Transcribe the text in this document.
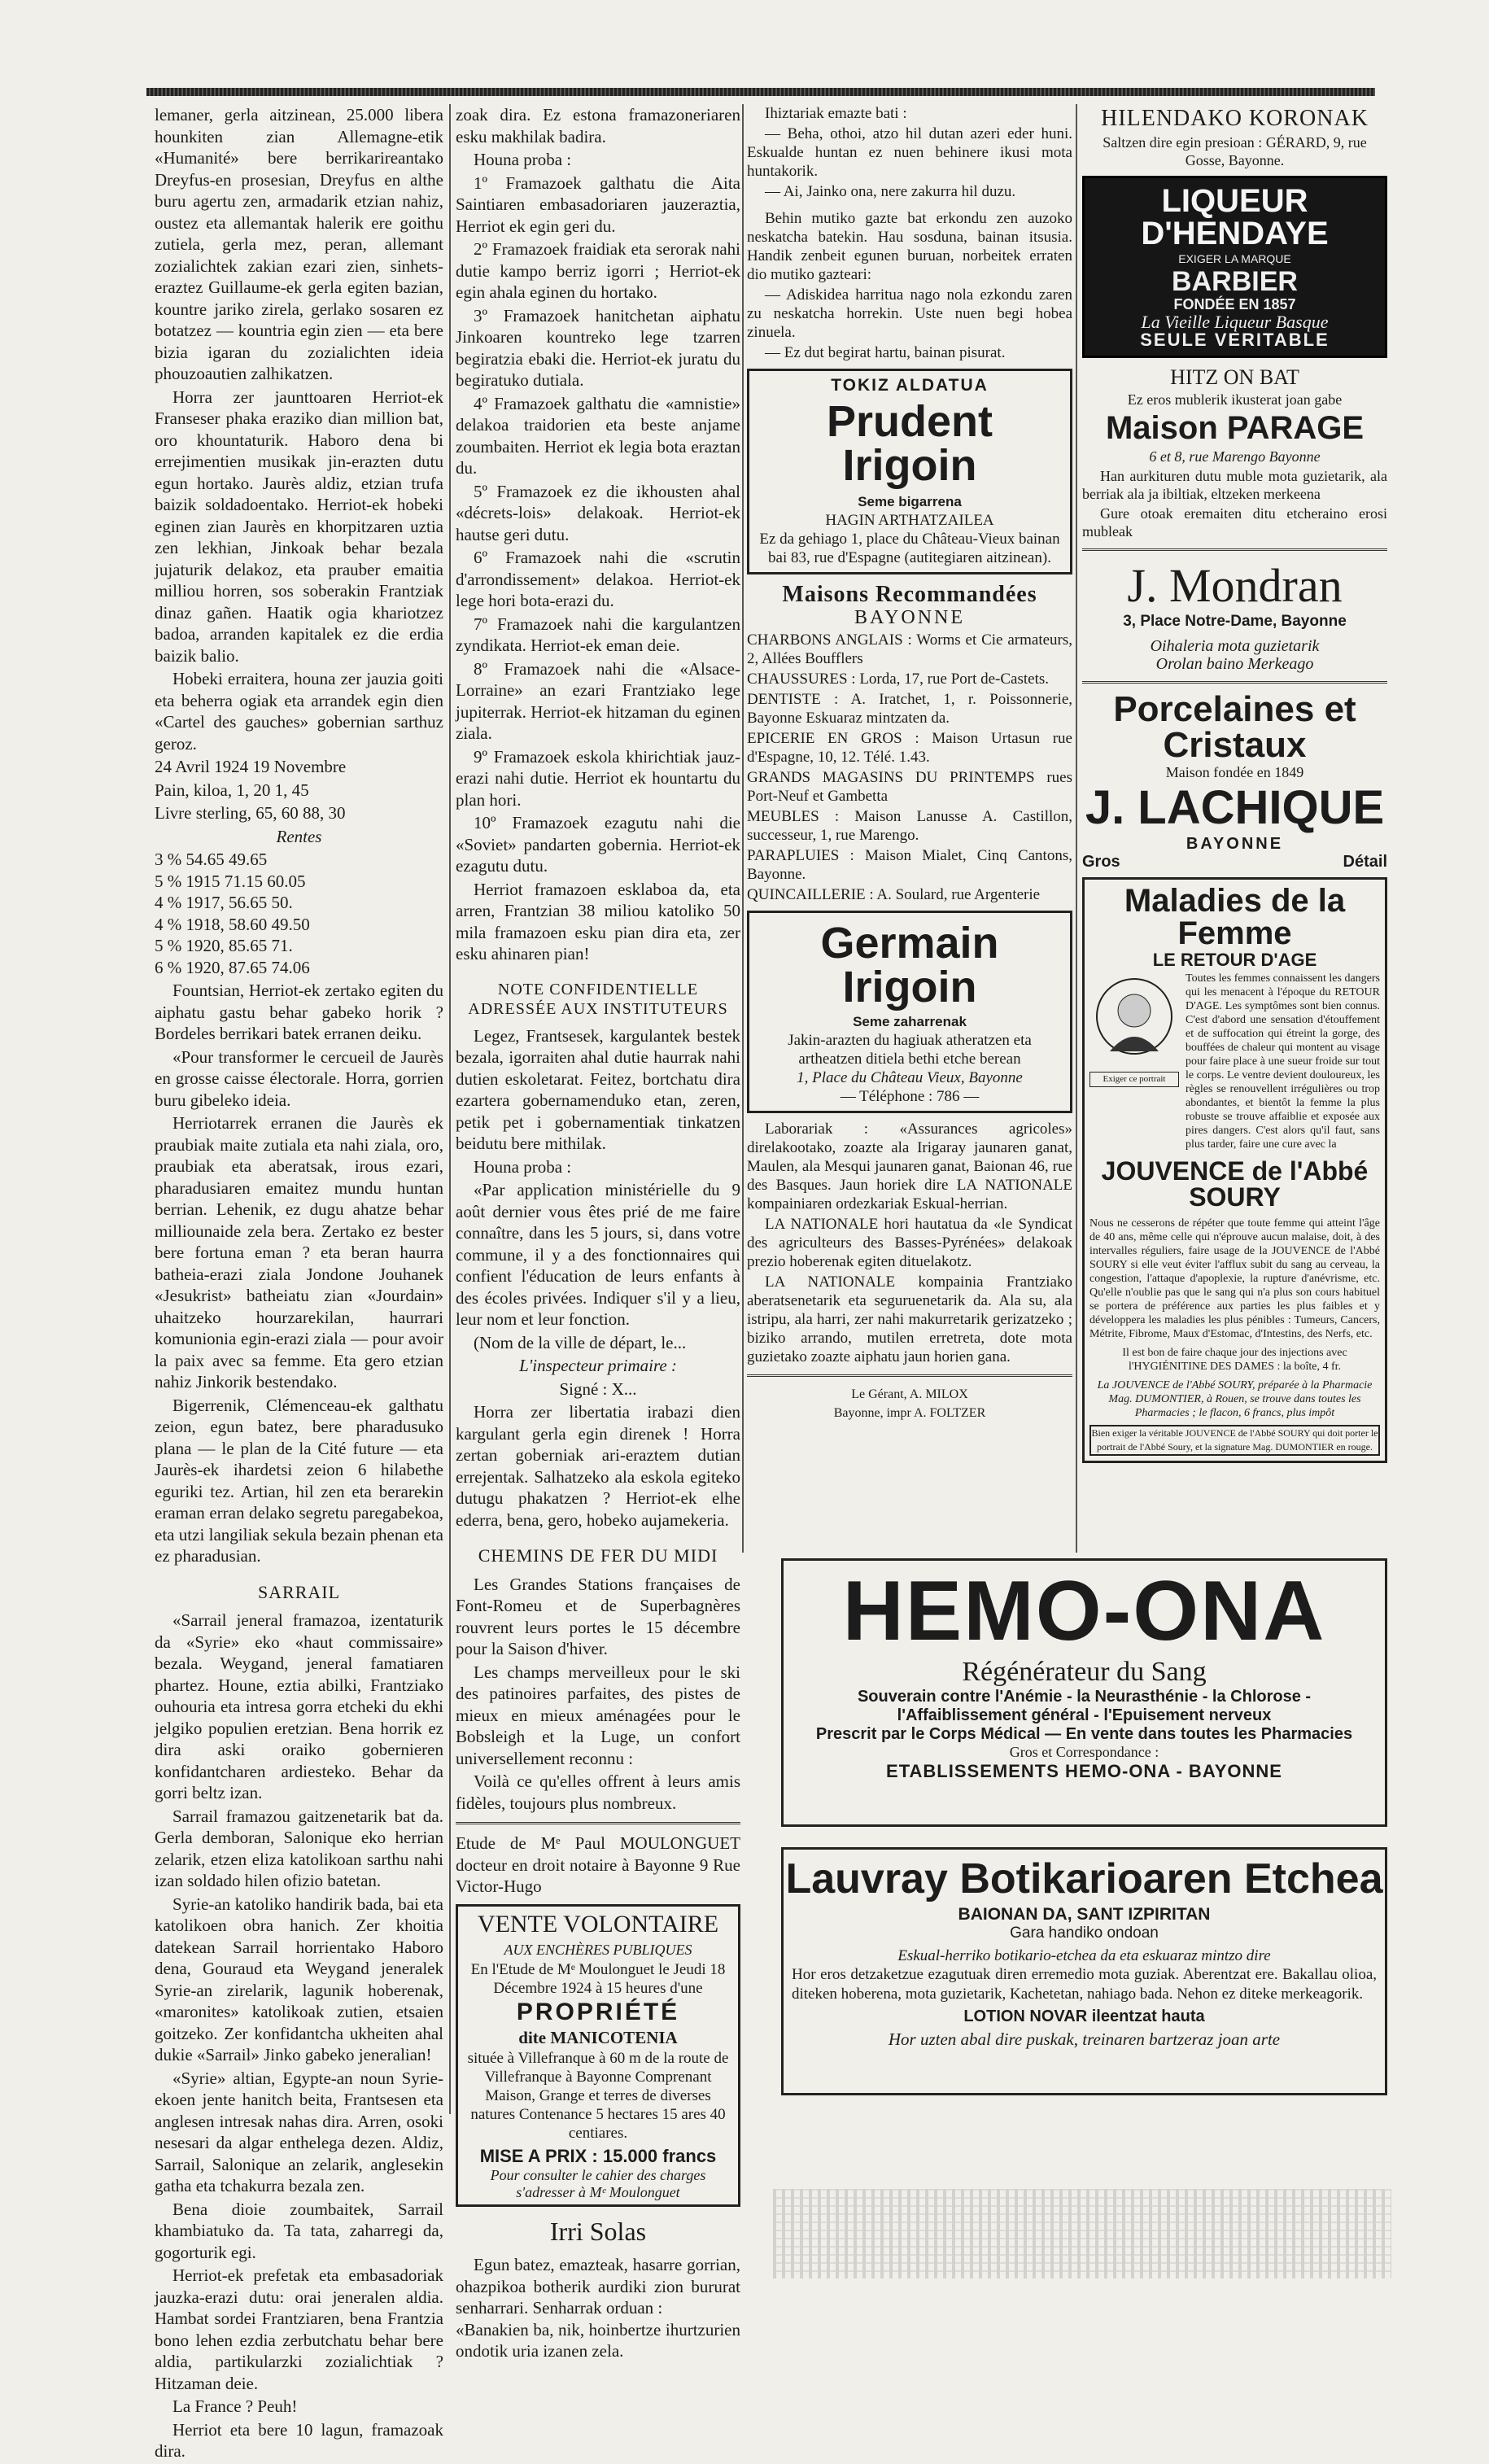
lemaner, gerla aitzinean, 25.000 libera hounkiten zian Allemagne-etik «Humanité» bere berrikarireantako Dreyfus-en prosesian, Dreyfus en althe buru agertu zen, armadarik etzian nahiz, oustez eta allemantak halerik ere goithu zutiela, gerla mez, peran, allemant zozialichtek zakian ezari zien, sinhets-eraztez Guillaume-ek gerla egiten bazian, kountre jariko zirela, gerlako sosaren ez botatzez — kountria egin zien — eta bere bizia igaran du zozialichten ideia phouzoautien zalhikatzen.

Horra zer jaunttoaren Herriot-ek Franseser phaka eraziko dian million bat, oro khountaturik. Haboro dena bi errejimentien musikak jin-erazten dutu egun hortako. Jaurès aldiz, etzian trufa baizik soldadoentako. Herriot-ek hobeki eginen zian Jaurès en khorpitzaren uztia zen lekhian, Jinkoak behar bezala jujaturik delakoz, eta prauber emaitia milliou horren, sos soberakin Frantziak dinaz gañen. Haatik ogia khariotzez badoa, arranden kapitalek ez die erdia baizik balio.

Hobeki erraitera, houna zer jauzia goiti eta beherra ogiak eta arrandek egin dien «Cartel des gauches» gobernian sarthuz geroz.

24 Avril 1924 19 Novembre

Pain, kiloa, 1, 20 1, 45

Livre sterling, 65, 60 88, 30

Rentes

3 % 54.65 49.65
5 % 1915 71.15 60.05
4 % 1917, 56.65 50.
4 % 1918, 58.60 49.50
5 % 1920, 85.65 71.
6 % 1920, 87.65 74.06

Fountsian, Herriot-ek zertako egiten du aiphatu gastu behar gabeko horik ? Bordeles berrikari batek erranen deiku.

«Pour transformer le cercueil de Jaurès en grosse caisse électorale. Horra, gorrien buru gibeleko ideia.

Herriotarrek erranen die Jaurès ek praubiak maite zutiala eta nahi ziala, oro, praubiak eta aberatsak, irous ezari, pharadusiaren emaitez mundu huntan berrian. Lehenik, ez dugu ahatze behar milliounaide zela bera. Zertako ez bester bere fortuna eman ? eta beran haurra batheia-erazi ziala Jondone Jouhanek «Jesukrist» batheiatu zian «Jourdain» uhaitzeko hourzarekilan, haurrari komunionia egin-erazi ziala — pour avoir la paix avec sa femme. Eta gero etzian nahiz Jinkorik bestendako.

Bigerrenik, Clémenceau-ek galthatu zeion, egun batez, bere pharadusuko plana — le plan de la Cité future — eta Jaurès-ek ihardetsi zeion 6 hilabethe eguriki tez. Artian, hil zen eta berarekin eraman erran delako segretu paregabekoa, eta utzi langiliak sekula bezain phenan eta ez pharadusian.

SARRAIL

«Sarrail jeneral framazoa, izentaturik da «Syrie» eko «haut commissaire» bezala. Weygand, jeneral famatiaren phartez. Houne, eztia abilki, Frantziako ouhouria eta intresa gorra etcheki du ekhi jelgiko populien eretzian. Bena horrik ez dira aski oraiko gobernieren konfidantcharen ardiesteko. Behar da gorri beltz izan.

Sarrail framazou gaitzenetarik bat da. Gerla demboran, Salonique eko herrian zelarik, etzen eliza katolikoan sarthu nahi izan soldado hilen ofizio batetan.

Syrie-an katoliko handirik bada, bai eta katolikoen obra hanich. Zer khoitia datekean Sarrail horrientako Haboro dena, Gouraud eta Weygand jeneralek Syrie-an zirelarik, lagunik hoberenak, «maronites» katolikoak zutien, etsaien goitzeko. Zer konfidantcha ukheiten ahal dukie «Sarrail» Jinko gabeko jeneralian!

«Syrie» altian, Egypte-an noun Syrie-ekoen jente hanitch beita, Frantsesen eta anglesen intresak nahas dira. Arren, osoki nesesari da algar enthelega dezen. Aldiz, Sarrail, Salonique an zelarik, anglesekin gatha eta tchakurra bezala zen.

Bena dioie zoumbaitek, Sarrail khambiatuko da. Ta tata, zaharregi da, gogorturik egi.

Herriot-ek prefetak eta embasadoriak jauzka-erazi dutu: orai jeneralen aldia. Hambat sordei Frantziaren, bena Frantzia bono lehen ezdia zerbutchatu behar bere aldia, partikularzki zozialichtiak ? Hitzaman deie.

La France ? Peuh!

Herriot eta bere 10 lagun, framazoak dira.

zoak dira. Ez estona framazoneriaren esku makhilak badira.

Houna proba :

1º Framazoek galthatu die Aita Saintiaren embasadoriaren jauzeraztia, Herriot ek egin geri du.

2º Framazoek fraidiak eta serorak nahi dutie kampo berriz igorri ; Herriot-ek egin ahala eginen du hortako.

3º Framazoek hanitchetan aiphatu Jinkoaren kountreko lege tzarren begiratzia ebaki die. Herriot-ek juratu du begiratuko dutiala.

4º Framazoek galthatu die «amnistie» delakoa traidorien eta beste anjame zoumbaiten. Herriot ek legia bota eraztan du.

5º Framazoek ez die ikhousten ahal «décrets-lois» delakoak. Herriot-ek hautse geri dutu.

6º Framazoek nahi die «scrutin d'arrondissement» delakoa. Herriot-ek lege hori bota-erazi du.

7º Framazoek nahi die kargulantzen zyndikata. Herriot-ek eman deie.

8º Framazoek nahi die «Alsace-Lorraine» an ezari Frantziako lege jupiterrak. Herriot-ek hitzaman du eginen ziala.

9º Framazoek eskola khirichtiak jauz-erazi nahi dutie. Herriot ek hountartu du plan hori.

10º Framazoek ezagutu nahi die «Soviet» pandarten gobernia. Herriot-ek ezagutu dutu.

Herriot framazoen esklaboa da, eta arren, Frantzian 38 miliou katoliko 50 mila framazoen esku pian dira eta, zer esku ahinaren pian!

NOTE CONFIDENTIELLE
ADRESSÉE AUX INSTITUTEURS

Legez, Frantsesek, kargulantek bestek bezala, igorraiten ahal dutie haurrak nahi dutien eskoletarat. Feitez, bortchatu dira ezartera gobernamenduko etan, zeren, petik pet i gobernamentiak tinkatzen beidutu bere mithilak.

Houna proba :

«Par application ministérielle du 9 août dernier vous êtes prié de me faire connaître, dans les 5 jours, si, dans votre commune, il y a des fonctionnaires qui confient l'éducation de leurs enfants à des écoles privées. Indiquer s'il y a lieu, leur nom et leur fonction.

(Nom de la ville de départ, le...

L'inspecteur primaire :

Signé : X...

Horra zer libertatia irabazi dien kargulant gerla egin direnek ! Horra zertan goberniak ari-eraztem dutian errejentak. Salhatzeko ala eskola egiteko dutugu phakatzen ? Herriot-ek elhe ederra, bena, gero, hobeko aujamekeria.

CHEMINS DE FER DU MIDI

Les Grandes Stations françaises de Font-Romeu et de Superbagnères rouvrent leurs portes le 15 décembre pour la Saison d'hiver.

Les champs merveilleux pour le ski des patinoires parfaites, des pistes de mieux en mieux aménagées pour le Bobsleigh et la Luge, un confort universellement reconnu :

Voilà ce qu'elles offrent à leurs amis fidèles, toujours plus nombreux.

Etude de Mᵉ Paul MOULONGUET docteur en droit notaire à Bayonne 9 Rue Victor-Hugo

VENTE VOLONTAIRE
AUX ENCHÈRES PUBLIQUES
En l'Etude de Mᵉ Moulonguet le Jeudi 18 Décembre 1924 à 15 heures d'une
PROPRIÉTÉ
dite MANICOTENIA
située à Villefranque à 60 m de la route de Villefranque à Bayonne Comprenant Maison, Grange et terres de diverses natures Contenance 5 hectares 15 ares 40 centiares.
MISE A PRIX : 15.000 francs
Pour consulter le cahier des charges s'adresser à Mᵉ Moulonguet
Irri Solas

Egun batez, emazteak, hasarre gorrian, ohazpikoa botherik aurdiki zion bururat senharrari. Senharrak orduan :
«Banakien ba, nik, hoinbertze ihurtzurien ondotik uria izanen zela.

Ihiztariak emazte bati :

— Beha, othoi, atzo hil dutan azeri eder huni. Eskualde huntan ez nuen behinere ikusi mota huntakorik.

— Ai, Jainko ona, nere zakurra hil duzu.

Behin mutiko gazte bat erkondu zen auzoko neskatcha batekin. Hau sosduna, bainan itsusia. Handik zenbeit egunen buruan, norbeitek erraten dio mutiko gazteari:

— Adiskidea harritua nago nola ezkondu zaren zu neskatcha horrekin. Uste nuen begi hobea zinuela.

— Ez dut begirat hartu, bainan pisurat.

TOKIZ ALDATUA
Prudent Irigoin
Seme bigarrena
HAGIN ARTHATZAILEA
Ez da gehiago 1, place du Château-Vieux bainan bai 83, rue d'Espagne (autitegiaren aitzinean).
Maisons Recommandées
BAYONNE

CHARBONS ANGLAIS : Worms et Cie armateurs, 2, Allées Boufflers

CHAUSSURES : Lorda, 17, rue Port de-Castets.

DENTISTE : A. Iratchet, 1, r. Poissonnerie, Bayonne Eskuaraz mintzaten da.

EPICERIE EN GROS : Maison Urtasun rue d'Espagne, 10, 12. Télé. 1.43.

GRANDS MAGASINS DU PRINTEMPS rues Port-Neuf et Gambetta

MEUBLES : Maison Lanusse A. Castillon, successeur, 1, rue Marengo.

PARAPLUIES : Maison Mialet, Cinq Cantons, Bayonne.

QUINCAILLERIE : A. Soulard, rue Argenterie

Germain Irigoin
Seme zaharrenak
Jakin-arazten du hagiuak atheratzen eta artheatzen ditiela bethi etche berean
1, Place du Château Vieux, Bayonne
— Téléphone : 786 —

Laborariak : «Assurances agricoles» direlakootako, zoazte ala Irigaray jaunaren ganat, Maulen, ala Mesqui jaunaren ganat, Baionan 46, rue des Basques. Jaun horiek dire LA NATIONALE kompainiaren ordezkariak Eskual-herrian.

LA NATIONALE hori hautatua da «le Syndicat des agriculteurs des Basses-Pyrénées» delakoak prezio hoberenak egiten dituelakotz.

LA NATIONALE kompainia Frantziako aberatsenetarik eta seguruenetarik da. Ala su, ala istripu, ala harri, zer nahi makurretarik gerizatzeko ; biziko arrando, mutilen erretreta, dote mota guzietako zoazte aiphatu jaun horien gana.

Le Gérant, A. MILOX
Bayonne, impr A. FOLTZER
HILENDAKO KORONAK

Saltzen dire egin presioan : GÉRARD, 9, rue Gosse, Bayonne.

LIQUEUR D'HENDAYE
EXIGER LA MARQUE
BARBIER
FONDÉE EN 1857
La Vieille Liqueur Basque
SEULE VERITABLE
HITZ ON BAT

Ez eros mublerik ikusterat joan gabe

Maison PARAGE

6 et 8, rue Marengo Bayonne

Han aurkituren dutu muble mota guzietarik, ala berriak ala ja ibiltiak, eltzeken merkeena

Gure otoak eremaiten ditu etcheraino erosi mubleak

J. Mondran
3, Place Notre-Dame, Bayonne
Oihaleria mota guzietarik
Orolan baino Merkeago
Porcelaines et Cristaux
Maison fondée en 1849
J. LACHIQUE
BAYONNE
Gros	Détail
Maladies de la Femme
LE RETOUR D'AGE
Exiger ce portrait
Toutes les femmes connaissent les dangers qui les menacent à l'époque du RETOUR D'AGE. Les symptômes sont bien connus. C'est d'abord une sensation d'étouffement et de suffocation qui étreint la gorge, des bouffées de chaleur qui montent au visage pour faire place à une sueur froide sur tout le corps. Le ventre devient douloureux, les règles se renouvellent irrégulières ou trop abondantes, et bientôt la femme la plus robuste se trouve affaiblie et exposée aux pires dangers. C'est alors qu'il faut, sans plus tarder, faire une cure avec la
JOUVENCE de l'Abbé SOURY
Nous ne cesserons de répéter que toute femme qui atteint l'âge de 40 ans, même celle qui n'éprouve aucun malaise, doit, à des intervalles réguliers, faire usage de la JOUVENCE de l'Abbé SOURY si elle veut éviter l'afflux subit du sang au cerveau, la congestion, l'attaque d'apoplexie, la rupture d'anévrisme, etc. Qu'elle n'oublie pas que le sang qui n'a plus son cours habituel se portera de préférence aux parties les plus faibles et y développera les maladies les plus pénibles : Tumeurs, Cancers, Métrite, Fibrome, Maux d'Estomac, d'Intestins, des Nerfs, etc.
Il est bon de faire chaque jour des injections avec l'HYGIÉNITINE DES DAMES : la boîte, 4 fr.
La JOUVENCE de l'Abbé SOURY, préparée à la Pharmacie Mag. DUMONTIER, à Rouen, se trouve dans toutes les Pharmacies ; le flacon, 6 francs, plus impôt
Bien exiger la véritable JOUVENCE de l'Abbé SOURY qui doit porter le portrait de l'Abbé Soury, et la signature Mag. DUMONTIER en rouge.
HEMO-ONA
Régénérateur du Sang
Souverain contre l'Anémie - la Neurasthénie - la Chlorose -
l'Affaiblissement général - l'Epuisement nerveux
Prescrit par le Corps Médical — En vente dans toutes les Pharmacies
Gros et Correspondance :
ETABLISSEMENTS HEMO-ONA - BAYONNE
Lauvray Botikarioaren Etchea
BAIONAN DA, SANT IZPIRITAN
Gara handiko ondoan
Eskual-herriko botikario-etchea da eta eskuaraz mintzo dire
Hor eros detzaketzue ezagutuak diren erremedio mota guziak. Aberentzat ere. Bakallau olioa, diteken hoberena, mota guzietarik, Kachetetan, nahiago bada. Nehon ez ditеke merkeagorik.
LOTION NOVAR ileentzat hauta
Hor uzten abal dire puskak, treinaren bartzeraz joan arte
